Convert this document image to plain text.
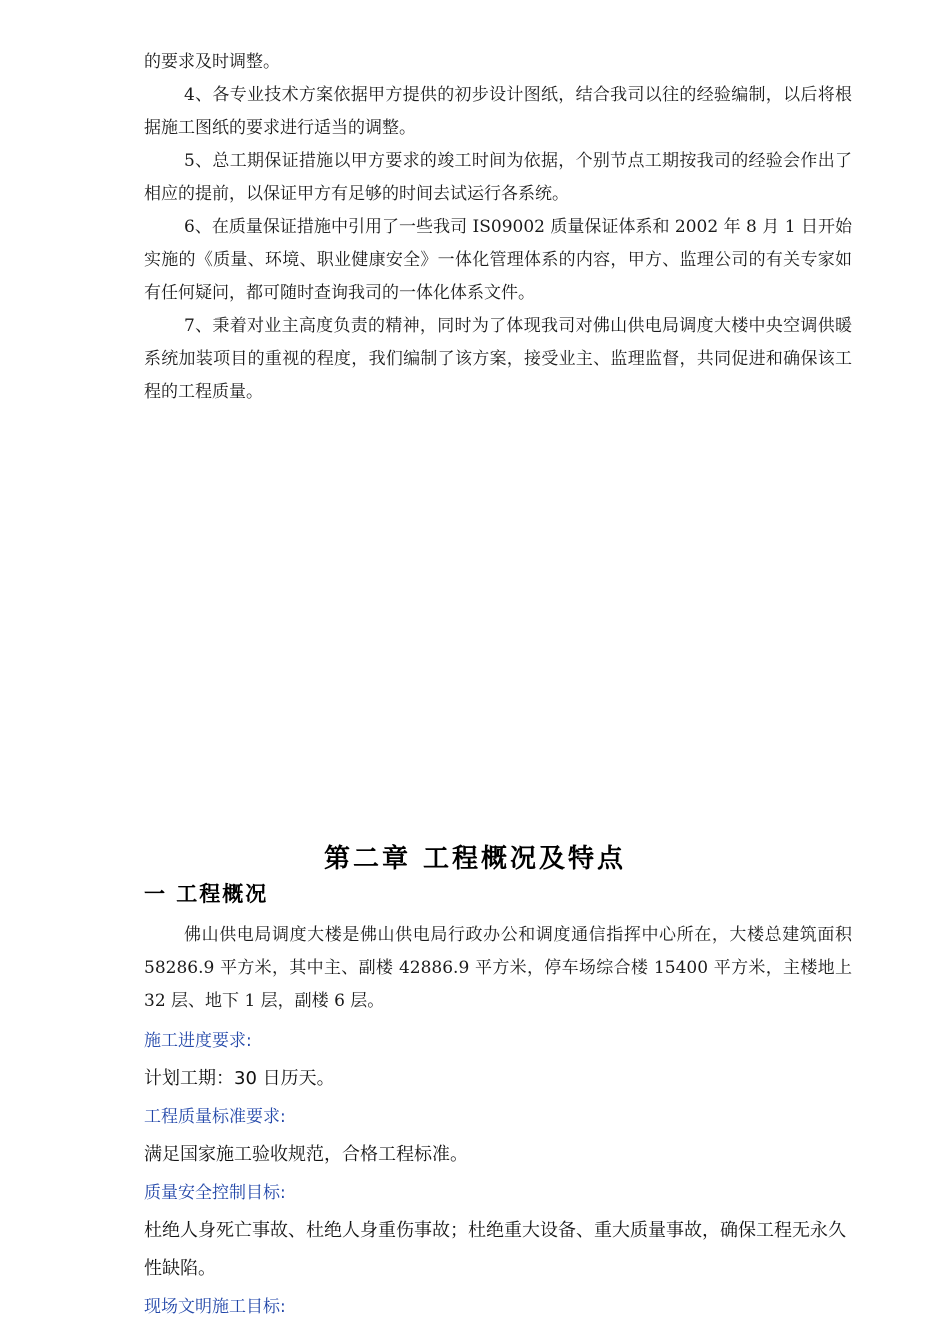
的要求及时调整。

4、各专业技术方案依据甲方提供的初步设计图纸，结合我司以往的经验编制，以后将根据施工图纸的要求进行适当的调整。

5、总工期保证措施以甲方要求的竣工时间为依据，个别节点工期按我司的经验会作出了相应的提前，以保证甲方有足够的时间去试运行各系统。

6、在质量保证措施中引用了一些我司 IS09002 质量保证体系和 2002 年 8 月 1 日开始实施的《质量、环境、职业健康安全》一体化管理体系的内容，甲方、监理公司的有关专家如有任何疑问，都可随时查询我司的一体化体系文件。

7、秉着对业主高度负责的精神，同时为了体现我司对佛山供电局调度大楼中央空调供暖系统加装项目的重视的程度，我们编制了该方案，接受业主、监理监督，共同促进和确保该工程的工程质量。

第二章 工程概况及特点
一 工程概况

佛山供电局调度大楼是佛山供电局行政办公和调度通信指挥中心所在，大楼总建筑面积 58286.9 平方米，其中主、副楼 42886.9 平方米，停车场综合楼 15400 平方米，主楼地上 32 层、地下 1 层，副楼 6 层。

施工进度要求:

计划工期：30 日历天。

工程质量标准要求:

满足国家施工验收规范，合格工程标准。

质量安全控制目标:

杜绝人身死亡事故、杜绝人身重伤事故；杜绝重大设备、重大质量事故，确保工程无永久性缺陷。

现场文明施工目标:
